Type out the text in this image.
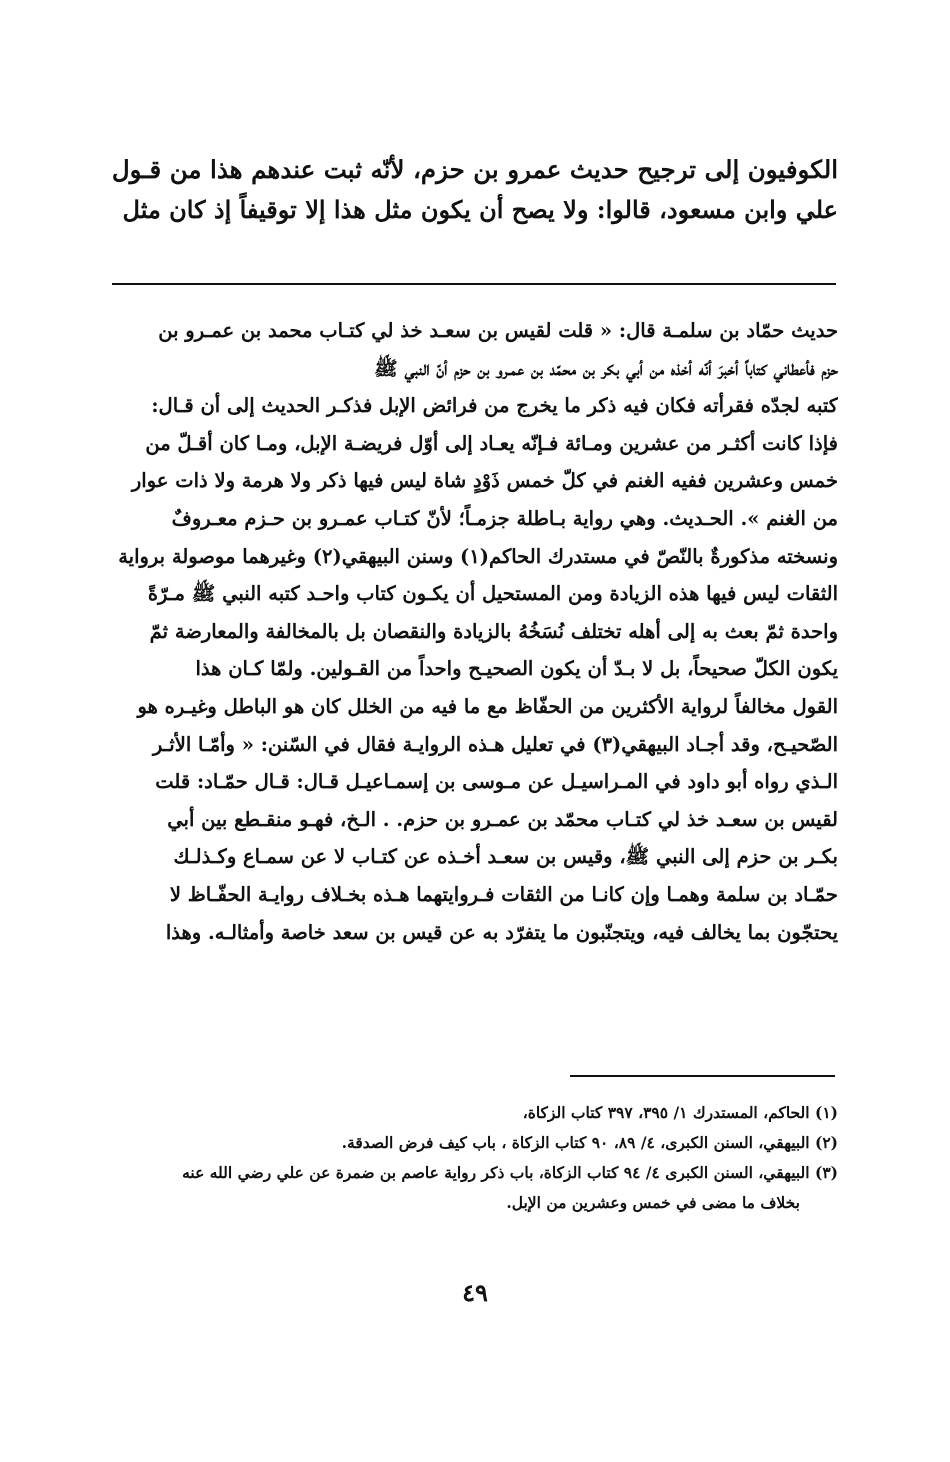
الكوفيون إلى ترجيح حديث عمرو بن حزم، لأنّه ثبت عندهم هذا من قـول
علي وابن مسعود، قالوا: ولا يصح أن يكون مثل هذا إلا توقيفاً إذ كان مثل
حديث حمّاد بن سلمـة قال: « قلت لقيس بن سعـد خذ لي كتـاب محمد بن عمـرو بن
حزم فأعطاني كتاباً أخبرَ أنّه أخذه من أبي بكر بن محمّد بن عمـرو بن حزم أنّ النبي ﷺ
كتبه لجدّه فقرأته فكان فيه ذكر ما يخرج من فرائض الإبل فذكـر الحديث إلى أن قـال:
فإذا كانت أكثـر من عشرين ومـائة فـإنّه يعـاد إلى أوّل فريضـة الإبل، ومـا كان أقـلّ من
خمس وعشرين ففيه الغنم في كلّ خمس ذَوْدٍ شاة ليس فيها ذكر ولا هرمة ولا ذات عوار
من الغنم ». الحـديث. وهي رواية بـاطلة جزمـاً؛ لأنّ كتـاب عمـرو بن حـزم معـروفٌ
ونسخته مذكورةٌ بالنّصّ في مستدرك الحاكم(١) وسنن البيهقي(٢) وغيرهما موصولة برواية
الثقات ليس فيها هذه الزيادة ومن المستحيل أن يكـون كتاب واحـد كتبه النبي ﷺ مـرّةً
واحدة ثمّ بعث به إلى أهله تختلف نُسَخُهُ بالزيادة والنقصان بل بالمخالفة والمعارضة ثمّ
يكون الكلّ صحيحاً، بل لا بـدّ أن يكون الصحيـح واحداً من القـولين. ولمّا كـان هذا
القول مخالفاً لرواية الأكثرين من الحفّاظ مع ما فيه من الخلل كان هو الباطل وغيـره هو
الصّحيـح، وقد أجـاد البيهقي(٣) في تعليل هـذه الروايـة فقال في السّنن: « وأمّـا الأثـر
الـذي رواه أبو داود في المـراسيـل عن مـوسى بن إسمـاعيـل قـال: قـال حمّـاد: قلت
لقيس بن سعـد خذ لي كتـاب محمّد بن عمـرو بن حزم. . الـخ، فهـو منقـطع بين أبي
بكـر بن حزم إلى النبي ﷺ، وقيس بن سعـد أخـذه عن كتـاب لا عن سمـاع وكـذلـك
حمّـاد بن سلمة وهمـا وإن كانـا من الثقات فـروايتهما هـذه بخـلاف روايـة الحفّـاظ لا
يحتجّون بما يخالف فيه، ويتجنّبون ما يتفرّد به عن قيس بن سعد خاصة وأمثالـه. وهذا
(١) الحاكم، المستدرك ١/ ٣٩٥، ٣٩٧ كتاب الزكاة،
(٢) البيهقي، السنن الكبرى، ٤/ ٨٩، ٩٠ كتاب الزكاة ، باب كيف فرض الصدقة.
(٣) البيهقي، السنن الكبرى ٤/ ٩٤ كتاب الزكاة، باب ذكر رواية عاصم بن ضمرة عن علي رضي الله عنه
بخلاف ما مضى في خمس وعشرين من الإبل.
٤٩
